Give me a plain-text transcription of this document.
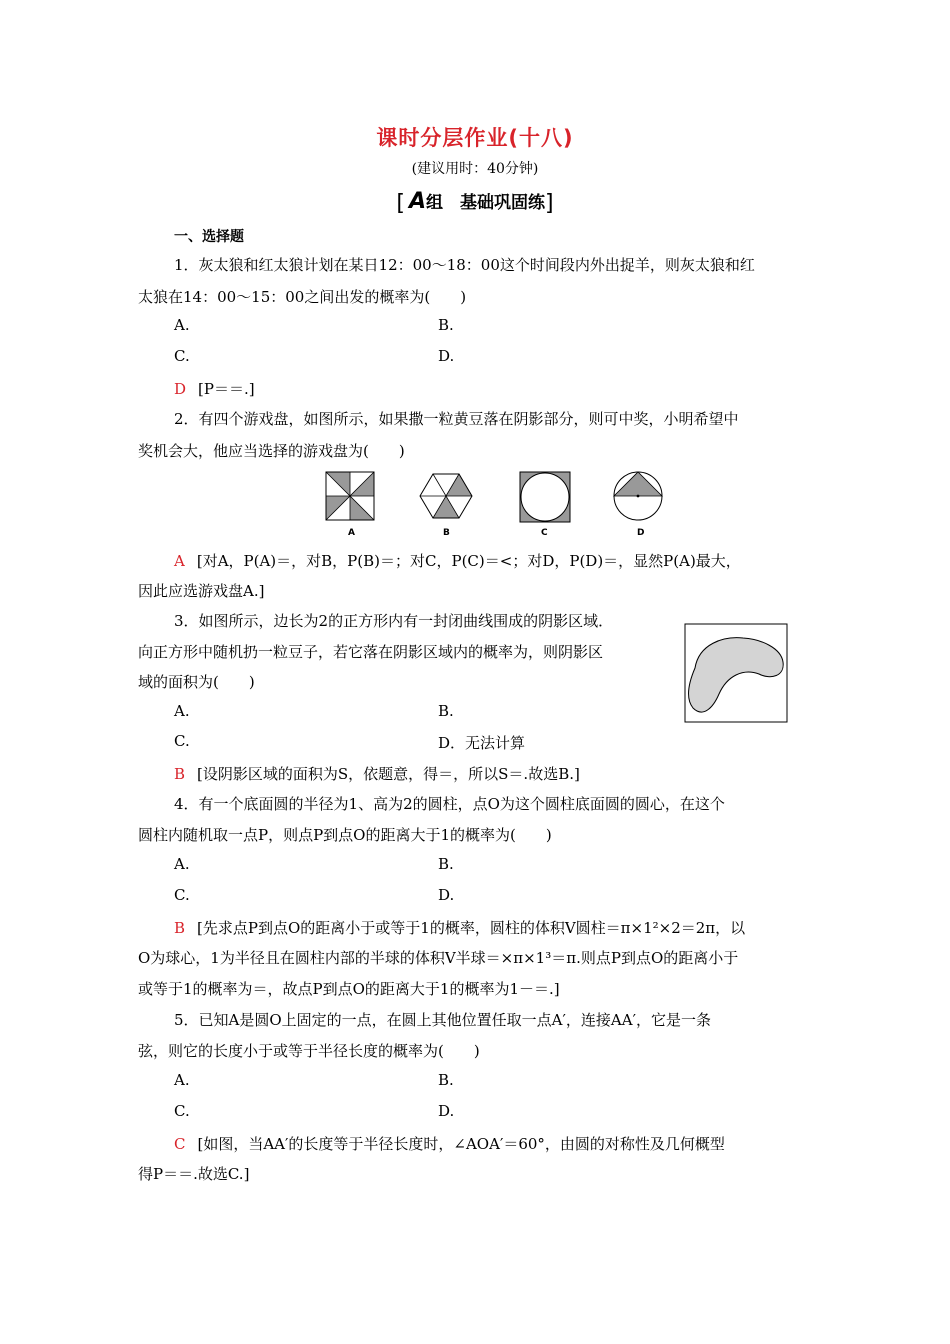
课时分层作业(十八)
(建议用时：40分钟)
[ A组　基础巩固练]
一、选择题
1．灰太狼和红太狼计划在某日12：00～18：00这个时间段内外出捉羊，则灰太狼和红
太狼在14：00～15：00之间出发的概率为(　　)
A.	B.
C.	D.
D [P＝＝.]
2．有四个游戏盘，如图所示，如果撒一粒黄豆落在阴影部分，则可中奖，小明希望中
奖机会大，他应当选择的游戏盘为(　　)
A	B	C	D
A [对A，P(A)＝，对B，P(B)＝；对C，P(C)＝<；对D，P(D)＝，显然P(A)最大，
因此应选游戏盘A.]
3．如图所示，边长为2的正方形内有一封闭曲线围成的阴影区域．
向正方形中随机扔一粒豆子，若它落在阴影区域内的概率为，则阴影区
域的面积为(　　)
A.	B.
C.	D．无法计算
B [设阴影区域的面积为S，依题意，得＝，所以S＝.故选B.]
4．有一个底面圆的半径为1、高为2的圆柱，点O为这个圆柱底面圆的圆心，在这个
圆柱内随机取一点P，则点P到点O的距离大于1的概率为(　　)
A.	B.
C.	D.
B [先求点P到点O的距离小于或等于1的概率，圆柱的体积V圆柱＝π×1²×2＝2π，以
O为球心，1为半径且在圆柱内部的半球的体积V半球＝×π×1³＝π.则点P到点O的距离小于
或等于1的概率为＝，故点P到点O的距离大于1的概率为1－＝.]
5．已知A是圆O上固定的一点，在圆上其他位置任取一点A′，连接AA′，它是一条
弦，则它的长度小于或等于半径长度的概率为(　　)
A.	B.
C.	D.
C [如图，当AA′的长度等于半径长度时，∠AOA′＝60°，由圆的对称性及几何概型
得P＝＝.故选C.]
